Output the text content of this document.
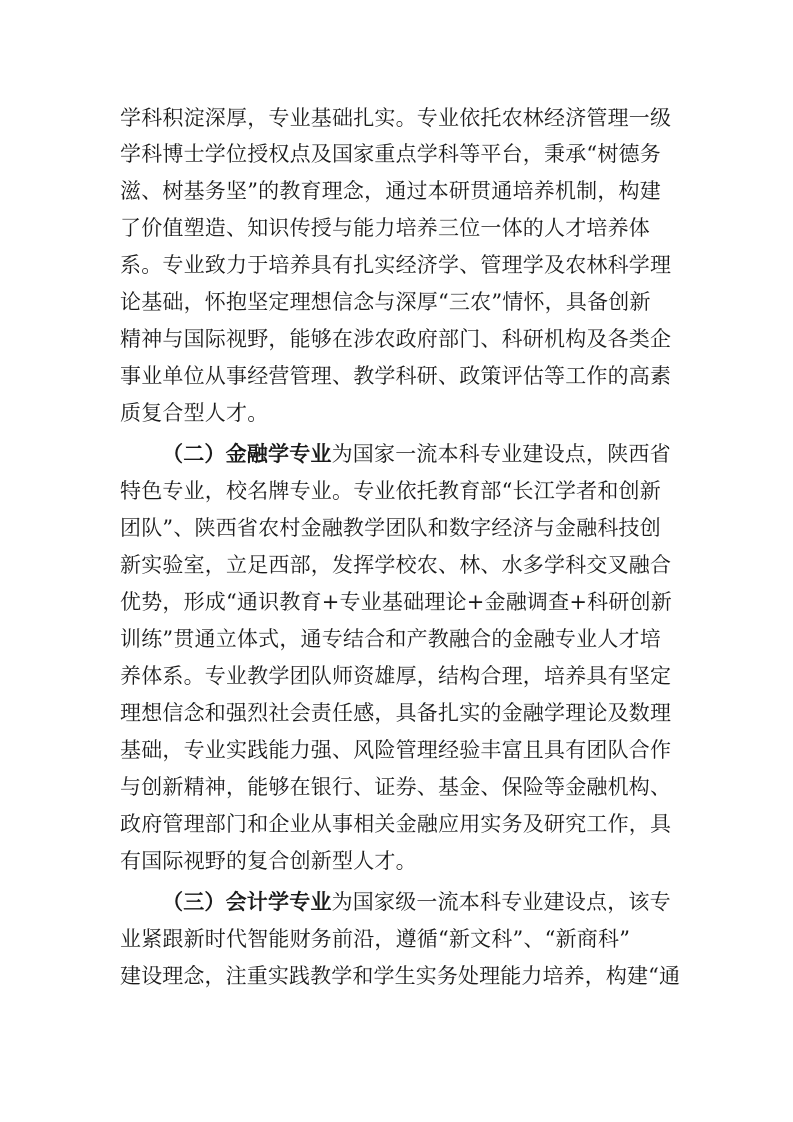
学科积淀深厚，专业基础扎实。专业依托农林经济管理一级
学科博士学位授权点及国家重点学科等平台，秉承“树德务
滋、树基务坚”的教育理念，通过本研贯通培养机制，构建
了价值塑造、知识传授与能力培养三位一体的人才培养体
系。专业致力于培养具有扎实经济学、管理学及农林科学理
论基础，怀抱坚定理想信念与深厚“三农”情怀，具备创新
精神与国际视野，能够在涉农政府部门、科研机构及各类企
事业单位从事经营管理、教学科研、政策评估等工作的高素
质复合型人才。
（二）金融学专业为国家一流本科专业建设点，陕西省
特色专业，校名牌专业。专业依托教育部“长江学者和创新
团队”、陕西省农村金融教学团队和数字经济与金融科技创
新实验室，立足西部，发挥学校农、林、水多学科交叉融合
优势，形成“通识教育+专业基础理论+金融调查+科研创新
训练”贯通立体式，通专结合和产教融合的金融专业人才培
养体系。专业教学团队师资雄厚，结构合理，培养具有坚定
理想信念和强烈社会责任感，具备扎实的金融学理论及数理
基础，专业实践能力强、风险管理经验丰富且具有团队合作
与创新精神，能够在银行、证券、基金、保险等金融机构、
政府管理部门和企业从事相关金融应用实务及研究工作，具
有国际视野的复合创新型人才。
（三）会计学专业为国家级一流本科专业建设点，该专
业紧跟新时代智能财务前沿，遵循“新文科”、“新商科”
建设理念，注重实践教学和学生实务处理能力培养，构建“通
